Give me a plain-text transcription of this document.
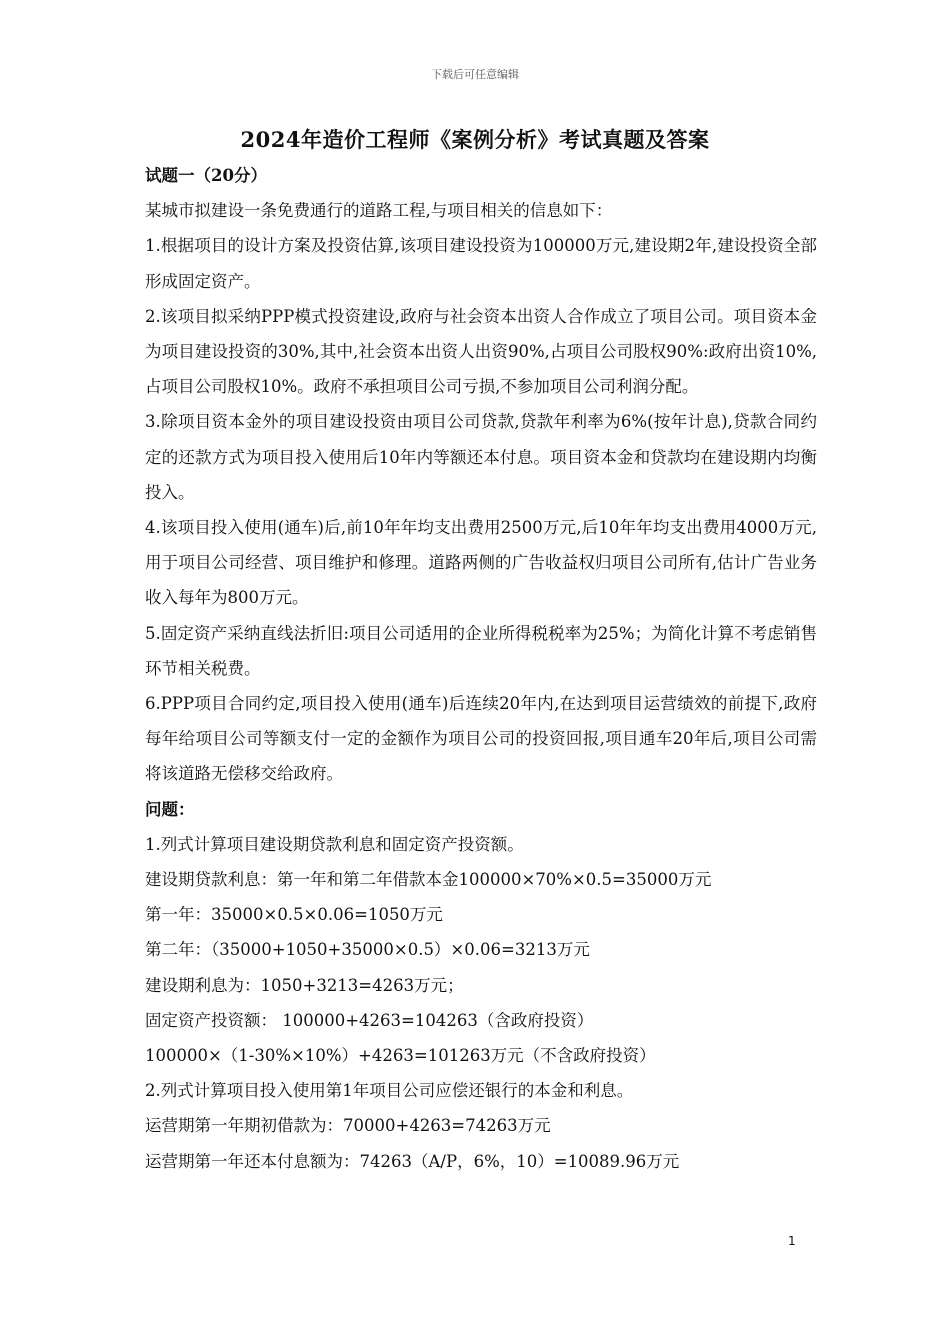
下载后可任意编辑
2024年造价工程师《案例分析》考试真题及答案

试题一（20分）

某城市拟建设一条免费通行的道路工程,与项目相关的信息如下：

1.根据项目的设计方案及投资估算,该项目建设投资为100000万元,建设期2年,建设投资全部形成固定资产。

2.该项目拟采纳PPP模式投资建设,政府与社会资本出资人合作成立了项目公司。项目资本金为项目建设投资的30%,其中,社会资本出资人出资90%,占项目公司股权90%:政府出资10%,占项目公司股权10%。政府不承担项目公司亏损,不参加项目公司利润分配。

3.除项目资本金外的项目建设投资由项目公司贷款,贷款年利率为6%(按年计息),贷款合同约定的还款方式为项目投入使用后10年内等额还本付息。项目资本金和贷款均在建设期内均衡投入。

4.该项目投入使用(通车)后,前10年年均支出费用2500万元,后10年年均支出费用4000万元,用于项目公司经营、项目维护和修理。道路两侧的广告收益权归项目公司所有,估计广告业务收入每年为800万元。

5.固定资产采纳直线法折旧:项目公司适用的企业所得税税率为25%；为简化计算不考虑销售环节相关税费。

6.PPP项目合同约定,项目投入使用(通车)后连续20年内,在达到项目运营绩效的前提下,政府每年给项目公司等额支付一定的金额作为项目公司的投资回报,项目通车20年后,项目公司需将该道路无偿移交给政府。

问题：

1.列式计算项目建设期贷款利息和固定资产投资额。

建设期贷款利息：第一年和第二年借款本金100000×70%×0.5=35000万元

第一年：35000×0.5×0.06=1050万元

第二年：（35000+1050+35000×0.5）×0.06=3213万元

建设期利息为：1050+3213=4263万元；

固定资产投资额： 100000+4263=104263（含政府投资）

100000×（1-30%×10%）+4263=101263万元（不含政府投资）

2.列式计算项目投入使用第1年项目公司应偿还银行的本金和利息。

运营期第一年期初借款为：70000+4263=74263万元

运营期第一年还本付息额为：74263（A/P，6%，10）=10089.96万元

1
